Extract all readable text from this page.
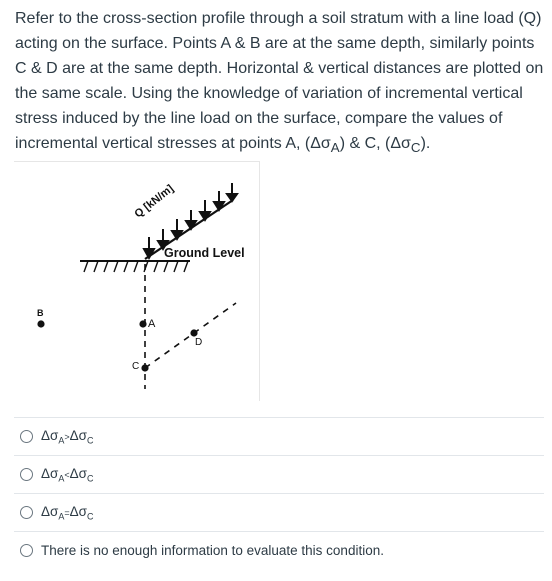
Refer to the cross-section profile through a soil stratum with a line load (Q) acting on the surface. Points A & B are at the same depth, similarly points C & D are at the same depth. Horizontal & vertical distances are plotted on the same scale. Using the knowledge of variation of incremental vertical stress induced by the line load on the surface, compare the values of incremental vertical stresses at points A, $(\Delta\sigma_A)$ & C, $(\Delta\sigma_C)$.
Q [kN/m]
Ground Level
A
B
C
D
$\Delta\sigma_A>\Delta\sigma_C$
$\Delta\sigma_A<\Delta\sigma_C$
$\Delta\sigma_A=\Delta\sigma_C$
There is no enough information to evaluate this condition.
